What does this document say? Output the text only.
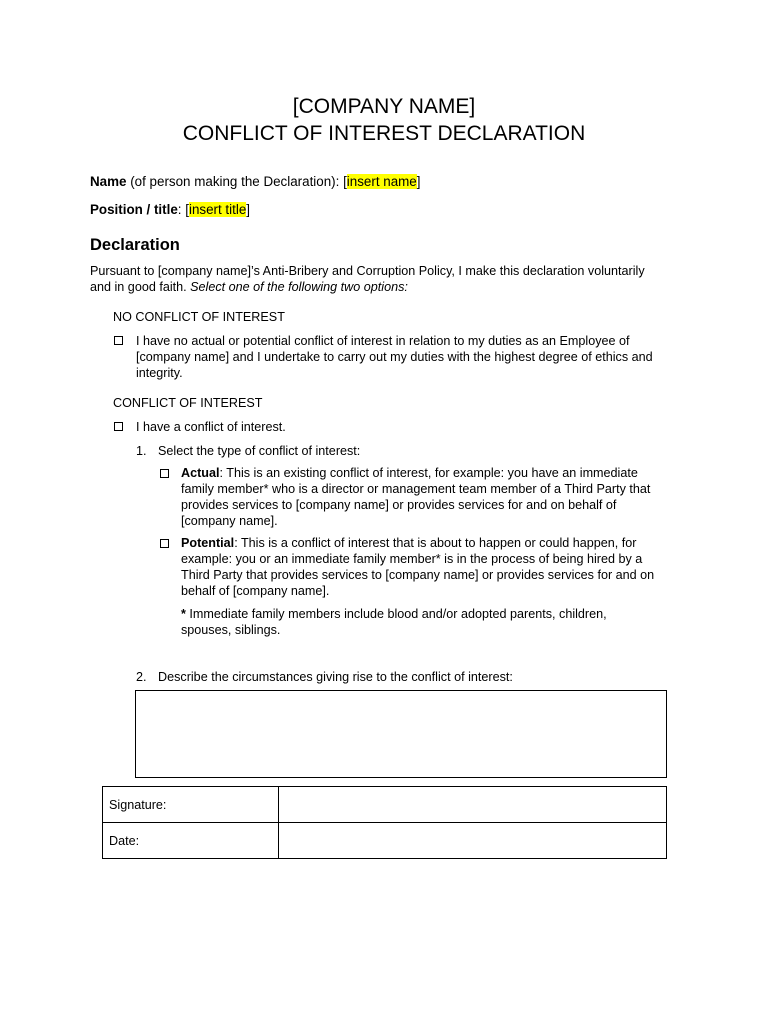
[COMPANY NAME]
CONFLICT OF INTEREST DECLARATION
Name (of person making the Declaration): [insert name]
Position / title: [insert title]
Declaration
Pursuant to [company name]’s Anti-Bribery and Corruption Policy, I make this declaration voluntarily
and in good faith. Select one of the following two options:
NO CONFLICT OF INTEREST
I have no actual or potential conflict of interest in relation to my duties as an Employee of
[company name] and I undertake to carry out my duties with the highest degree of ethics and
integrity.
CONFLICT OF INTEREST
I have a conflict of interest.
1. Select the type of conflict of interest:
Actual: This is an existing conflict of interest, for example: you have an immediate
family member* who is a director or management team member of a Third Party that
provides services to [company name] or provides services for and on behalf of
[company name].
Potential: This is a conflict of interest that is about to happen or could happen, for
example: you or an immediate family member* is in the process of being hired by a
Third Party that provides services to [company name] or provides services for and on
behalf of [company name].
* Immediate family members include blood and/or adopted parents, children,
spouses, siblings.
2. Describe the circumstances giving rise to the conflict of interest:
Signature:	
Date:	
